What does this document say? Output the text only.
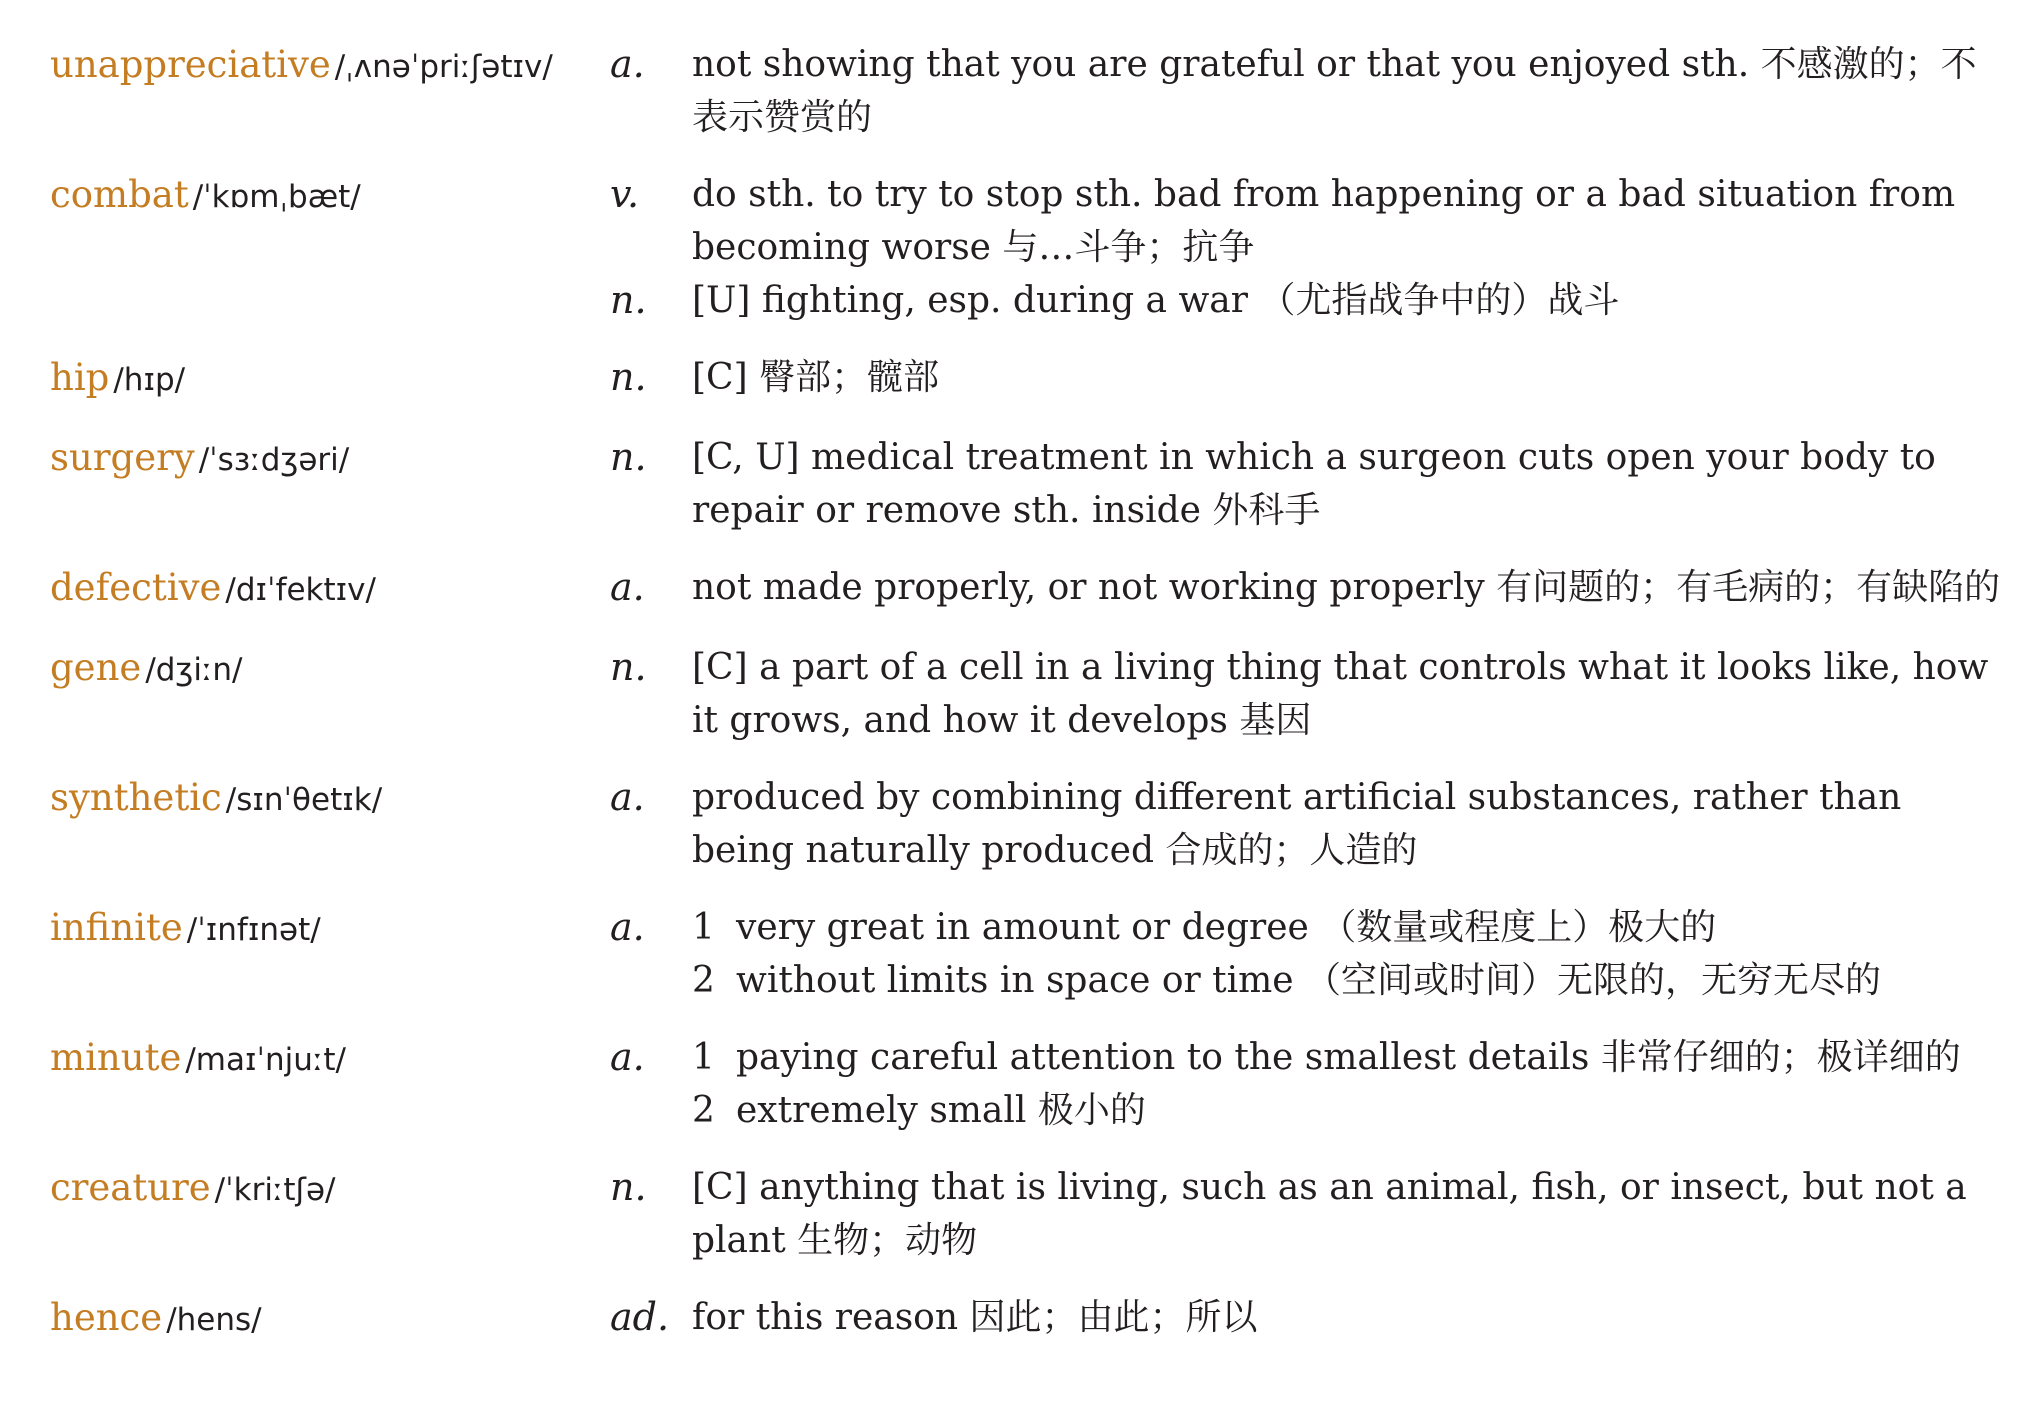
unappreciative /ˌʌnəˈpriːʃətɪv/	a.	not showing that you are grateful or that you enjoyed sth. 不感激的；不表示赞赏的
combat /ˈkɒmˌbæt/	v.	do sth. to try to stop sth. bad from happening or a bad situation from becoming worse 与…斗争；抗争
n.	[U] fighting, esp. during a war （尤指战争中的）战斗
hip /hɪp/	n.	[C] 臀部；髋部
surgery /ˈsɜːdʒəri/	n.	[C, U] medical treatment in which a surgeon cuts open your body to repair or remove sth. inside 外科手
defective /dɪˈfektɪv/	a.	not made properly, or not working properly 有问题的；有毛病的；有缺陷的
gene /dʒiːn/	n.	[C] a part of a cell in a living thing that controls what it looks like, how it grows, and how it develops 基因
synthetic /sɪnˈθetɪk/	a.	produced by combining different artificial substances, rather than being naturally produced 合成的；人造的
infinite /ˈɪnfɪnət/	a.	1 very great in amount or degree （数量或程度上）极大的
2 without limits in space or time （空间或时间）无限的，无穷无尽的
minute /maɪˈnjuːt/	a.	1 paying careful attention to the smallest details 非常仔细的；极详细的
2 extremely small 极小的
creature /ˈkriːtʃə/	n.	[C] anything that is living, such as an animal, fish, or insect, but not a plant 生物；动物
hence /hens/	ad. for this reason 因此；由此；所以
